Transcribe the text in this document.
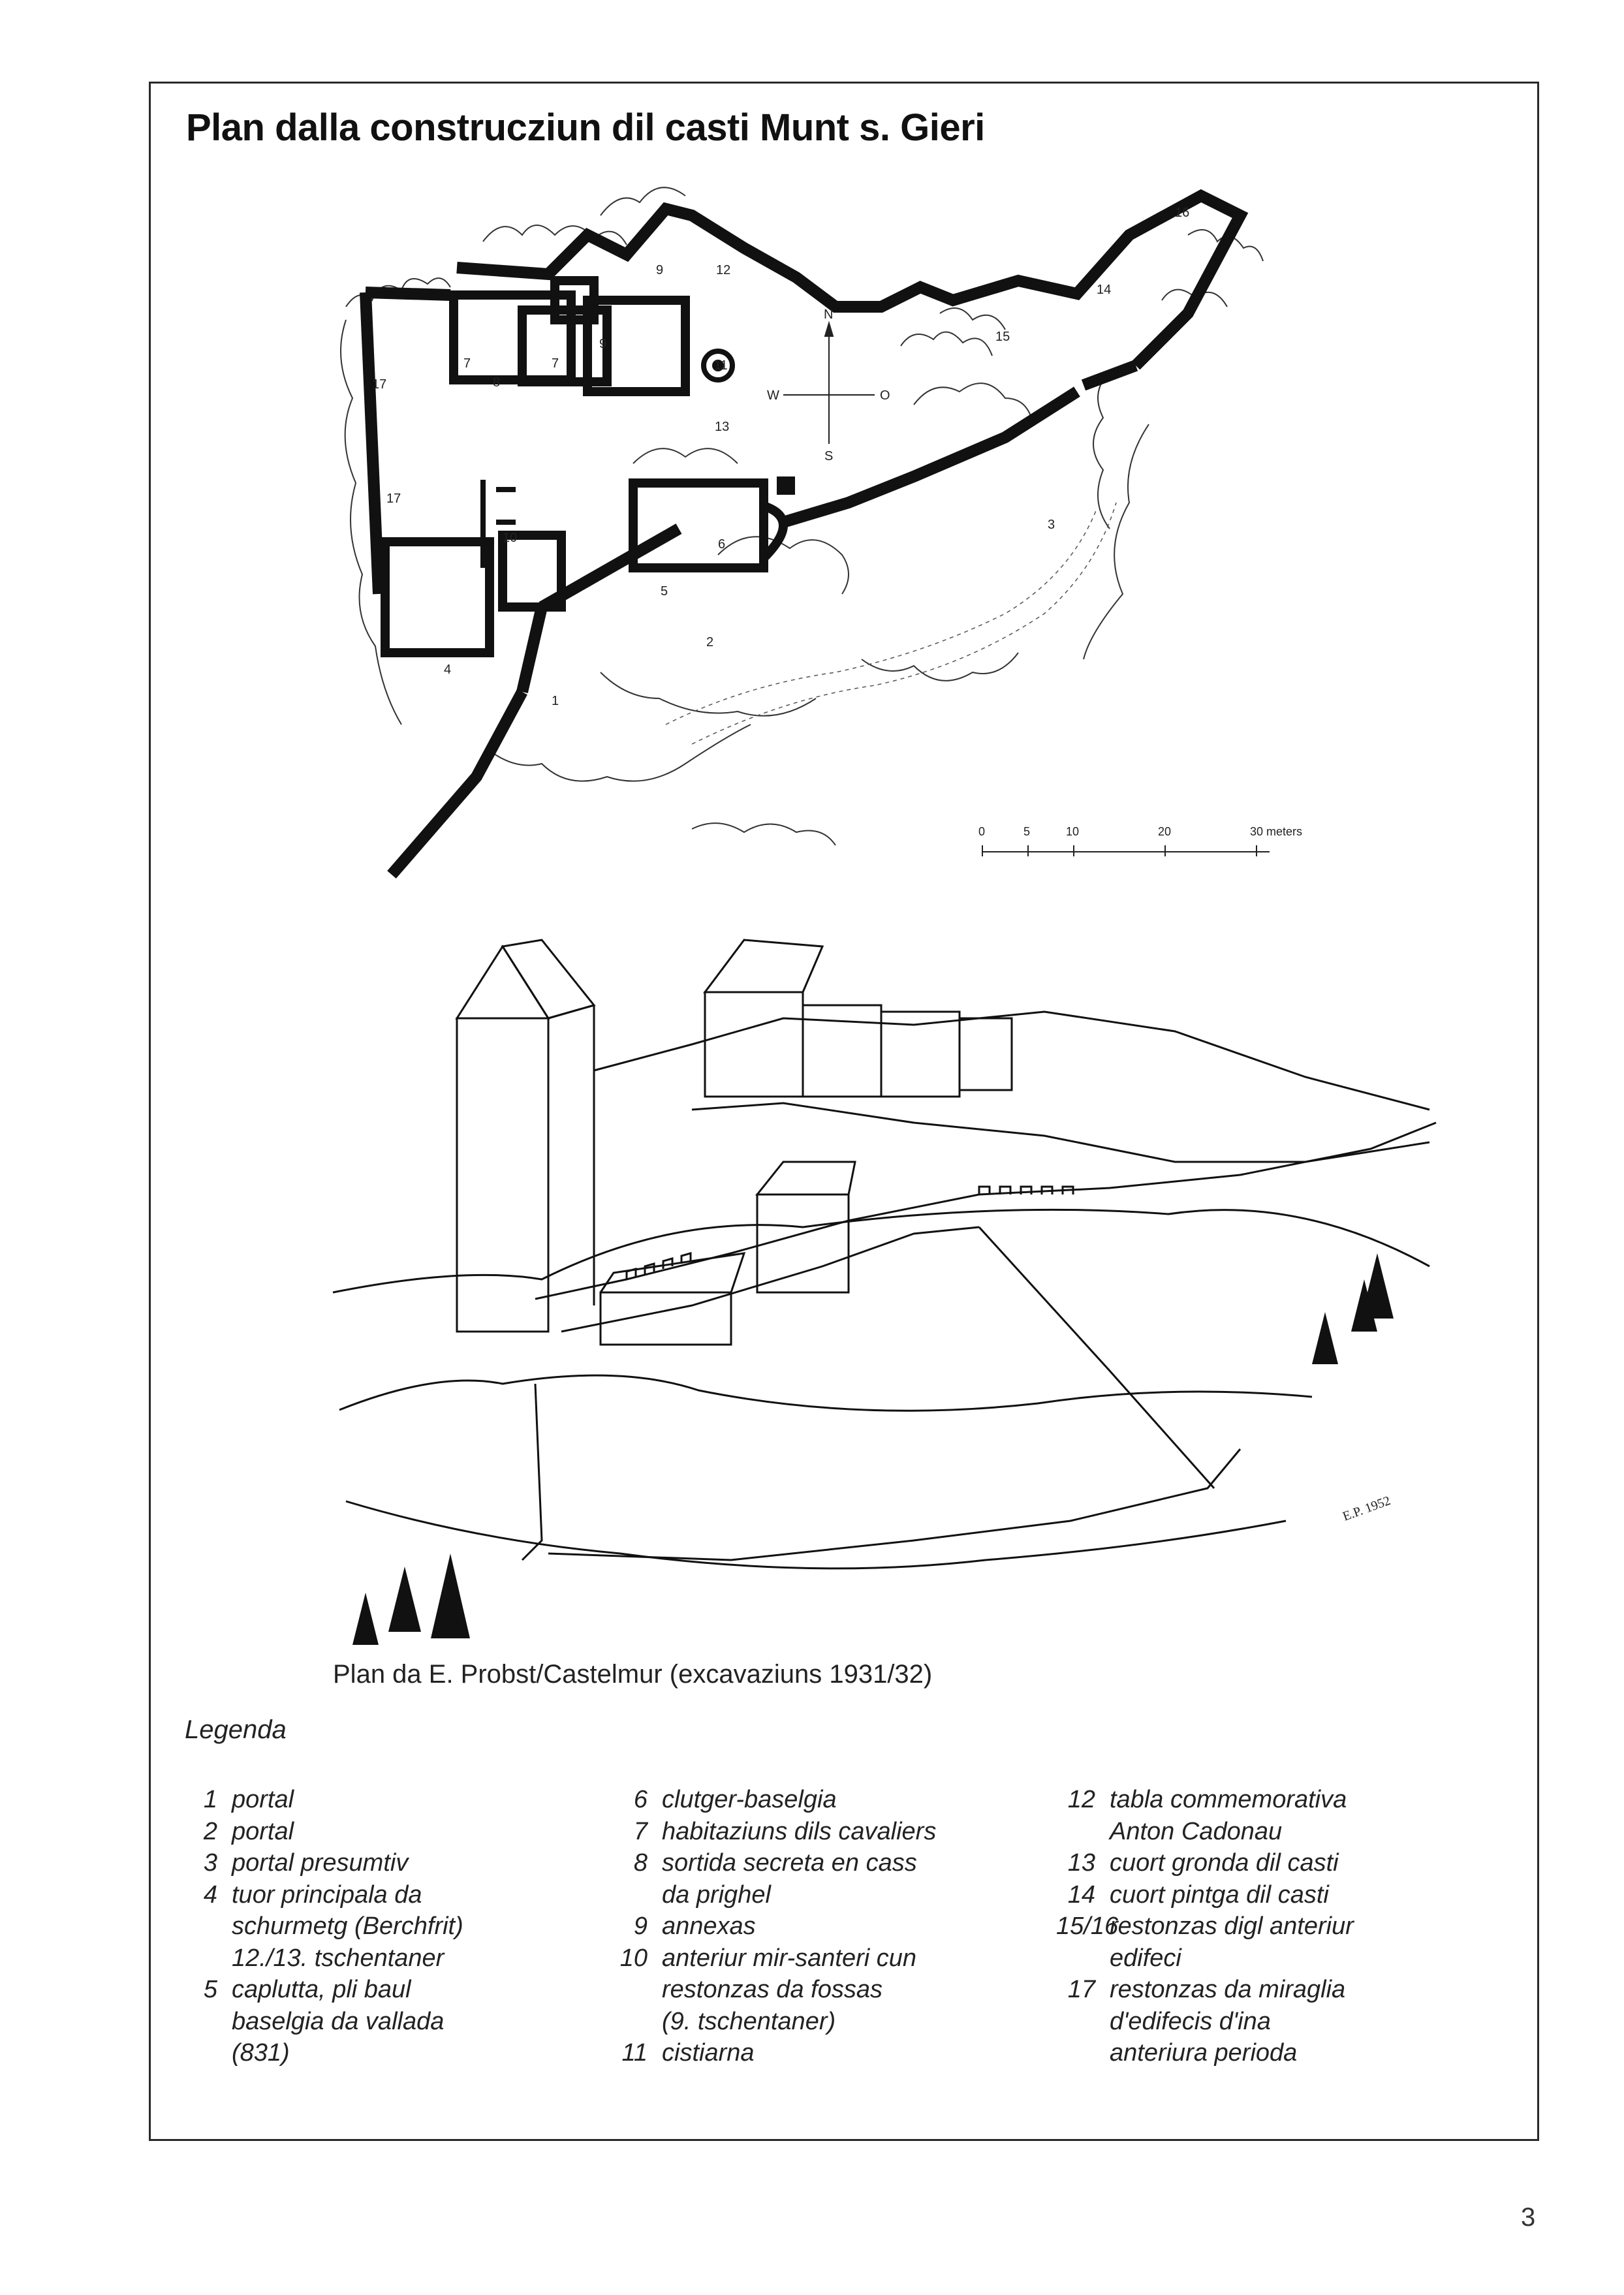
Plan dalla construcziun dil casti Munt s. Gieri
N
S
W	O
1
2
3
4
5
6
7	7
8
9
9
10
11
12
13
14
15
16
17
17
0	5	10	20	30 meters
E.P. 1952
Plan da E. Probst/Castelmur (excavaziuns 1931/32)
Legenda
1 portal
2 portal
3 portal presumtiv
4 tuor principala da
schurmetg (Berchfrit)
12./13. tschentaner
5 caplutta, pli baul
baselgia da vallada
(831)
6 clutger-baselgia
7 habitaziuns dils cavaliers
8 sortida secreta en cass
da prighel
9 annexas
10 anteriur mir-santeri cun
restonzas da fossas
(9. tschentaner)
11 cistiarna
12 tabla commemorativa
Anton Cadonau
13 cuort gronda dil casti
14 cuort pintga dil casti
15/16
restonzas digl anteriur
edifeci
17 restonzas da miraglia
d'edifecis d'ina
anteriura perioda
3
